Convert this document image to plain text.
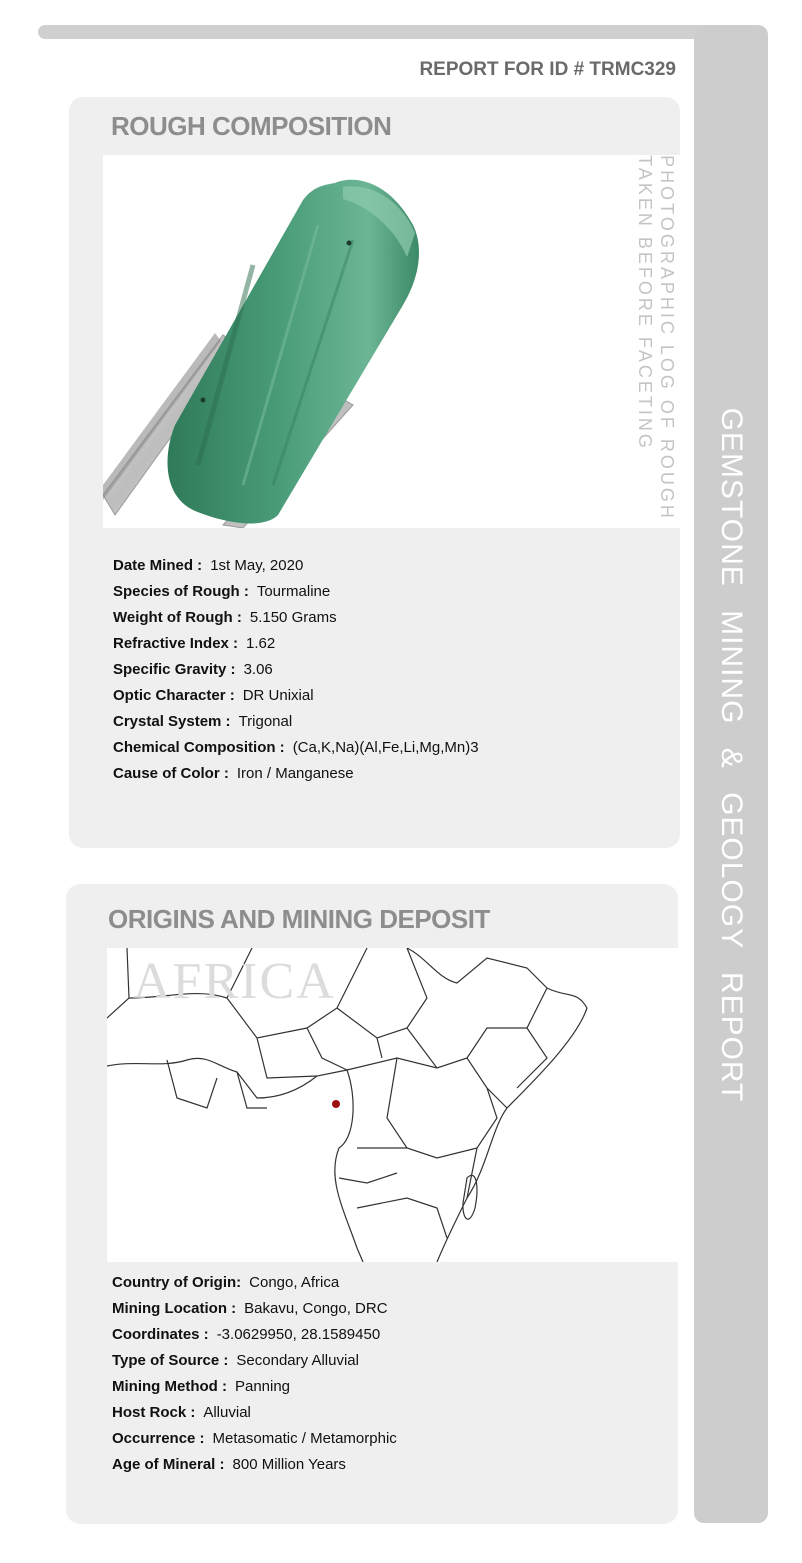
GEMSTONE MINING & GEOLOGY REPORT
REPORT FOR ID # TRMC329
ROUGH COMPOSITION
PHOTOGRAPHIC LOG OF ROUGH
TAKEN BEFORE FACETING
Date Mined : 1st May, 2020
Species of Rough : Tourmaline
Weight of Rough : 5.150 Grams
Refractive Index : 1.62
Specific Gravity : 3.06
Optic Character : DR Unixial
Crystal System : Trigonal
Chemical Composition : (Ca,K,Na)(Al,Fe,Li,Mg,Mn)3
Cause of Color : Iron / Manganese
ORIGINS AND MINING DEPOSIT
AFRICA
Country of Origin: Congo, Africa
Mining Location : Bakavu, Congo, DRC
Coordinates : -3.0629950, 28.1589450
Type of Source : Secondary Alluvial
Mining Method : Panning
Host Rock : Alluvial
Occurrence : Metasomatic / Metamorphic
Age of Mineral : 800 Million Years
